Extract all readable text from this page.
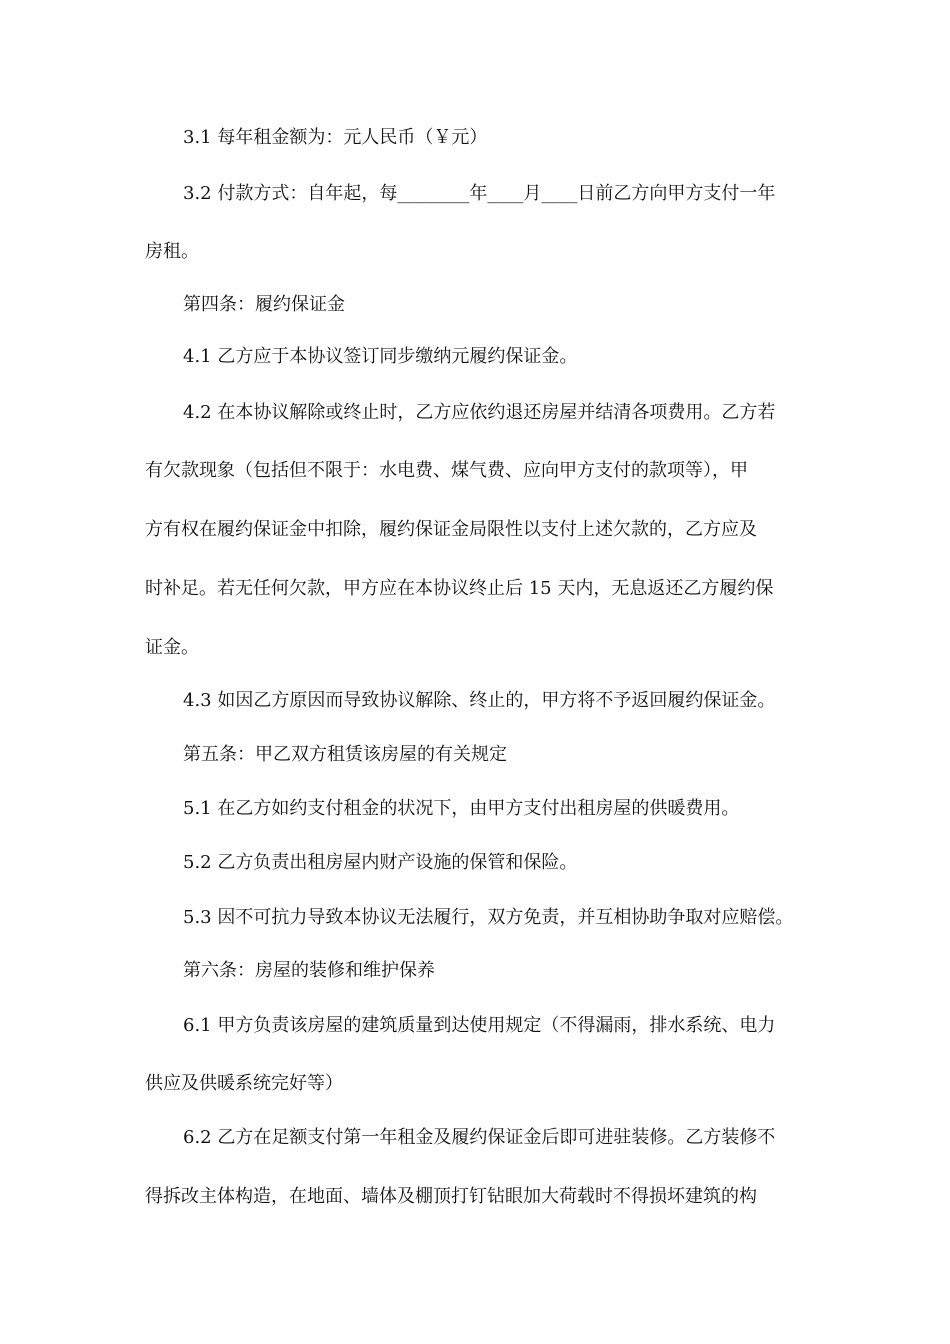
3.1 每年租金额为：元人民币（￥元）
3.2 付款方式：自年起，每________年____月____日前乙方向甲方支付一年
房租。
第四条：履约保证金
4.1 乙方应于本协议签订同步缴纳元履约保证金。
4.2 在本协议解除或终止时，乙方应依约退还房屋并结清各项费用。乙方若
有欠款现象（包括但不限于：水电费、煤气费、应向甲方支付的款项等），甲
方有权在履约保证金中扣除，履约保证金局限性以支付上述欠款的，乙方应及
时补足。若无任何欠款，甲方应在本协议终止后 15 天内，无息返还乙方履约保
证金。
4.3 如因乙方原因而导致协议解除、终止的，甲方将不予返回履约保证金。
第五条：甲乙双方租赁该房屋的有关规定
5.1 在乙方如约支付租金的状况下，由甲方支付出租房屋的供暖费用。
5.2 乙方负责出租房屋内财产设施的保管和保险。
5.3 因不可抗力导致本协议无法履行，双方免责，并互相协助争取对应赔偿。
第六条：房屋的装修和维护保养
6.1 甲方负责该房屋的建筑质量到达使用规定（不得漏雨，排水系统、电力
供应及供暖系统完好等）
6.2 乙方在足额支付第一年租金及履约保证金后即可进驻装修。乙方装修不
得拆改主体构造，在地面、墙体及棚顶打钉钻眼加大荷载时不得损坏建筑的构
